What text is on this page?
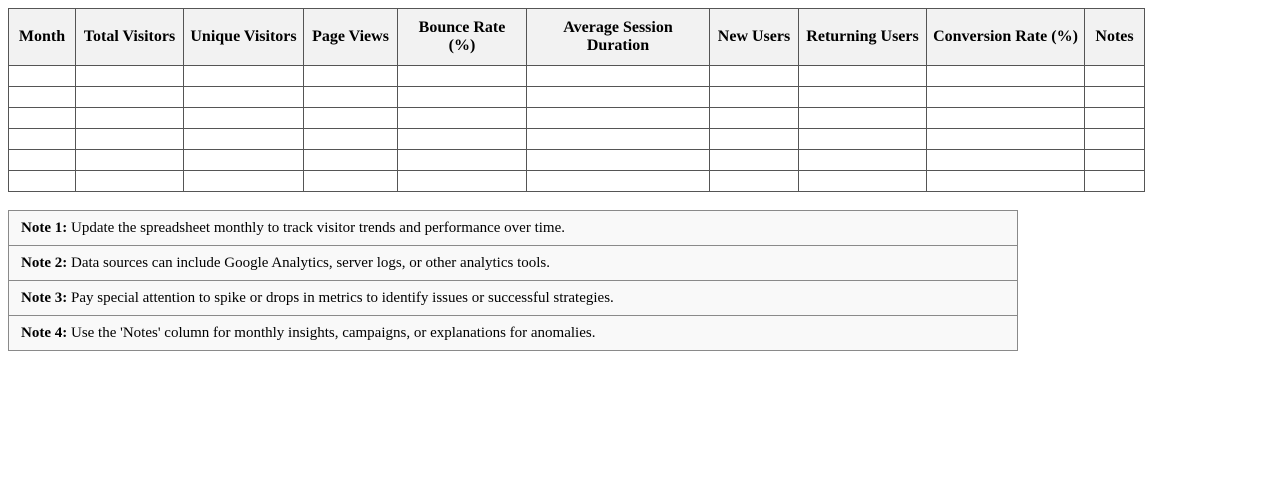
Month	Total Visitors	Unique Visitors	Page Views	Bounce Rate (%)	Average Session Duration	New Users	Returning Users	Conversion Rate (%)	Notes

Note 1: Update the spreadsheet monthly to track visitor trends and performance over time.
Note 2: Data sources can include Google Analytics, server logs, or other analytics tools.
Note 3: Pay special attention to spike or drops in metrics to identify issues or successful strategies.
Note 4: Use the 'Notes' column for monthly insights, campaigns, or explanations for anomalies.
